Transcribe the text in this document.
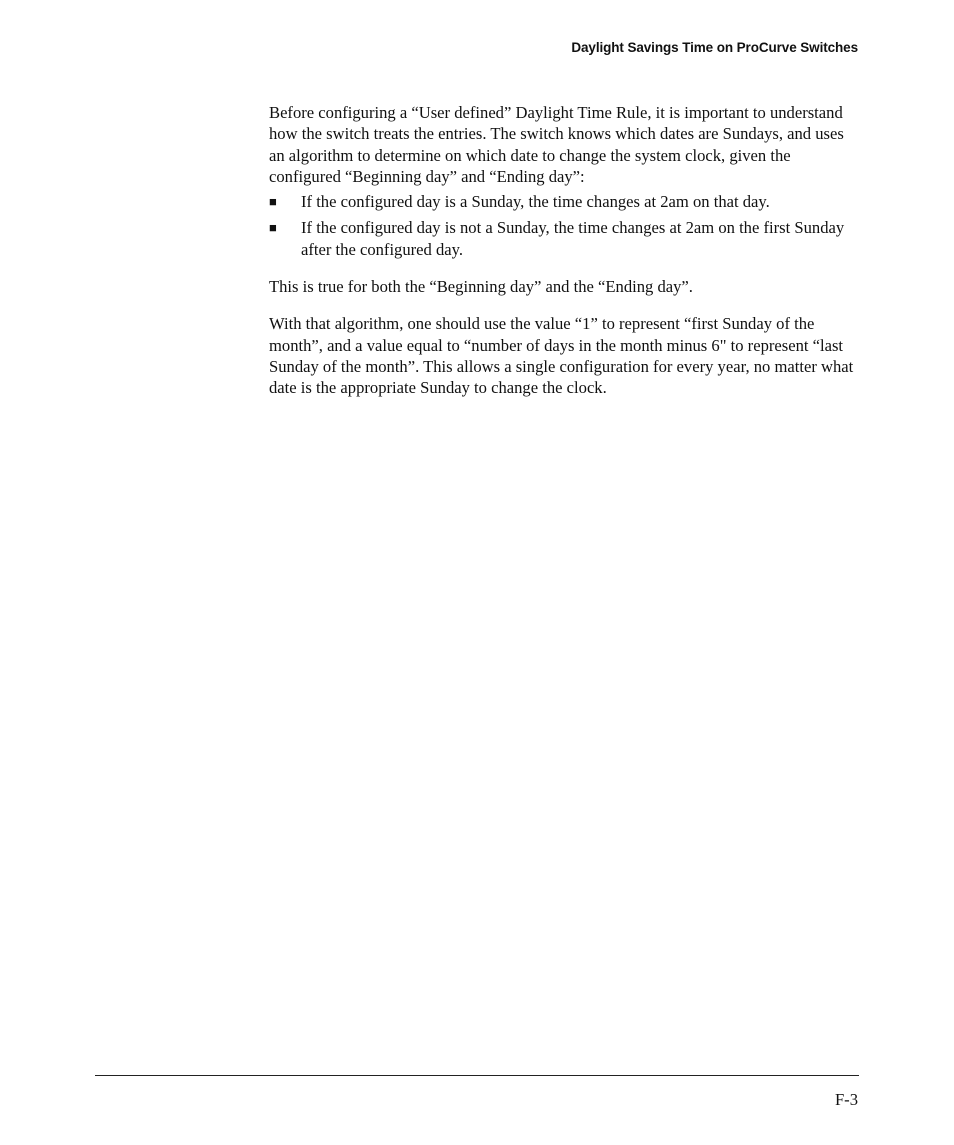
Daylight Savings Time on ProCurve Switches

Before configuring a “User defined” Daylight Time Rule, it is important to understand how the switch treats the entries. The switch knows which dates are Sundays, and uses an algorithm to determine on which date to change the system clock, given the configured “Beginning day” and “Ending day”:

■ If the configured day is a Sunday, the time changes at 2am on that day.
■ If the configured day is not a Sunday, the time changes at 2am on the first Sunday after the configured day.

This is true for both the “Beginning day” and the “Ending day”.

With that algorithm, one should use the value “1” to represent “first Sunday of the month”, and a value equal to “number of days in the month minus 6" to represent “last Sunday of the month”. This allows a single configuration for every year, no matter what date is the appropriate Sunday to change the clock.

F-3
